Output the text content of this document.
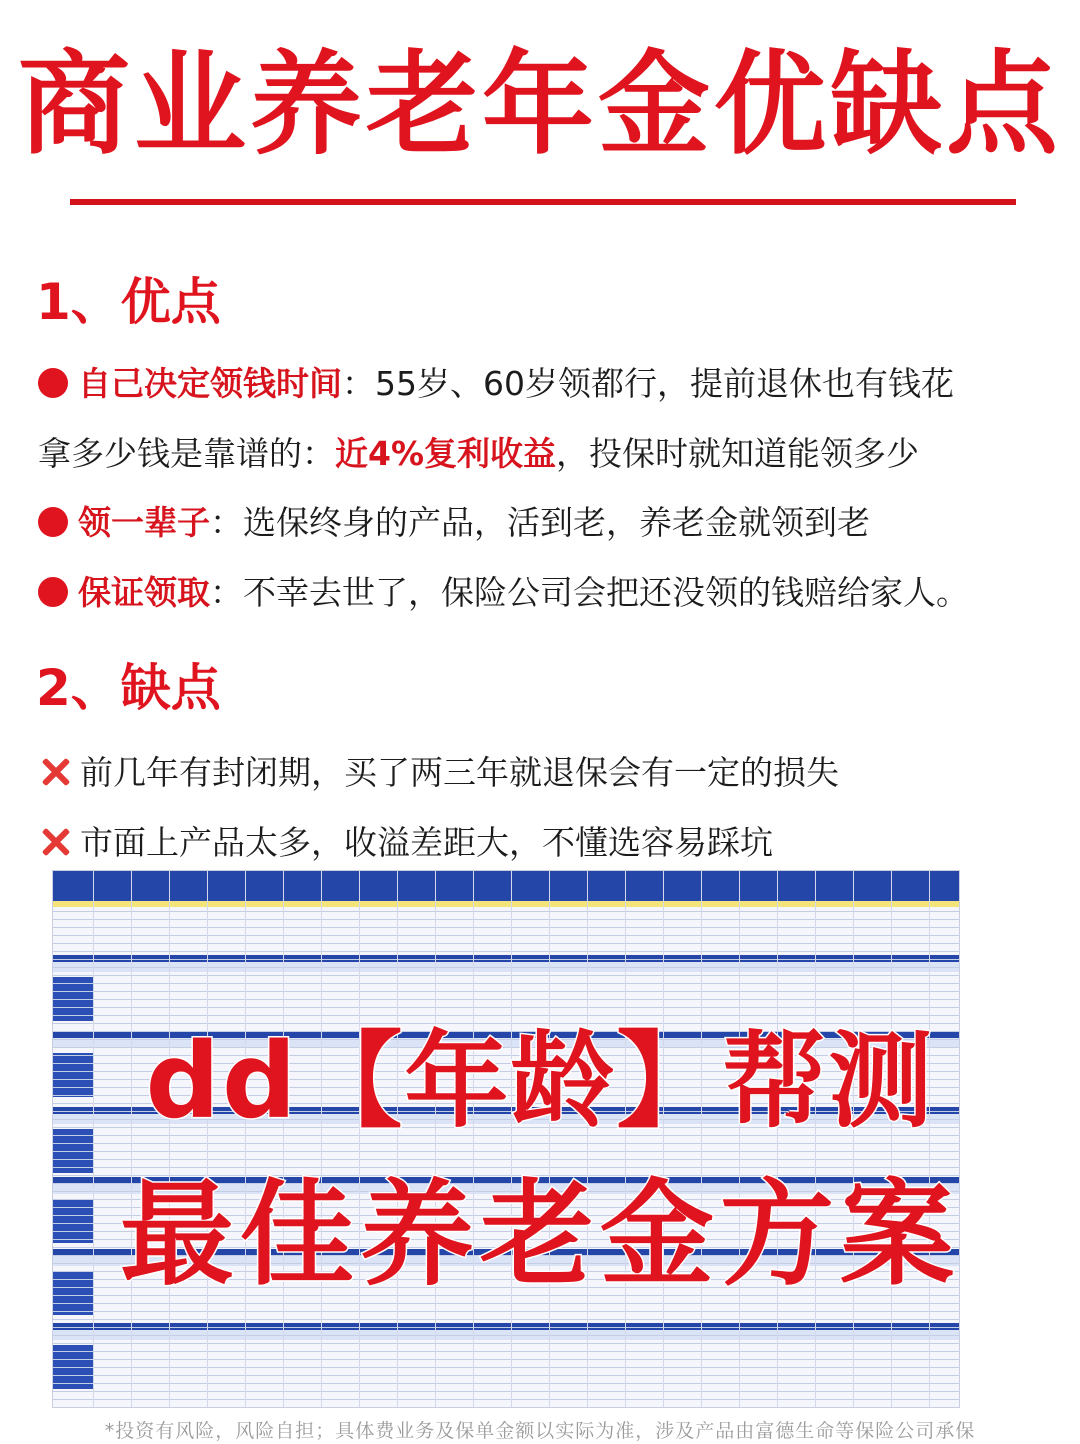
商业养老年金优缺点
1、优点
自己决定领钱时间：55岁、60岁领都行，提前退休也有钱花
拿多少钱是靠谱的：近4%复利收益，投保时就知道能领多少
领一辈子：选保终身的产品，活到老，养老金就领到老
保证领取：不幸去世了，保险公司会把还没领的钱赔给家人。
2、缺点
前几年有封闭期，买了两三年就退保会有一定的损失
市面上产品太多，收溢差距大，不懂选容易踩坑
dd【年龄】帮测
最佳养老金方案
*投资有风险，风险自担；具体费业务及保单金额以实际为准，涉及产品由富德生命等保险公司承保
